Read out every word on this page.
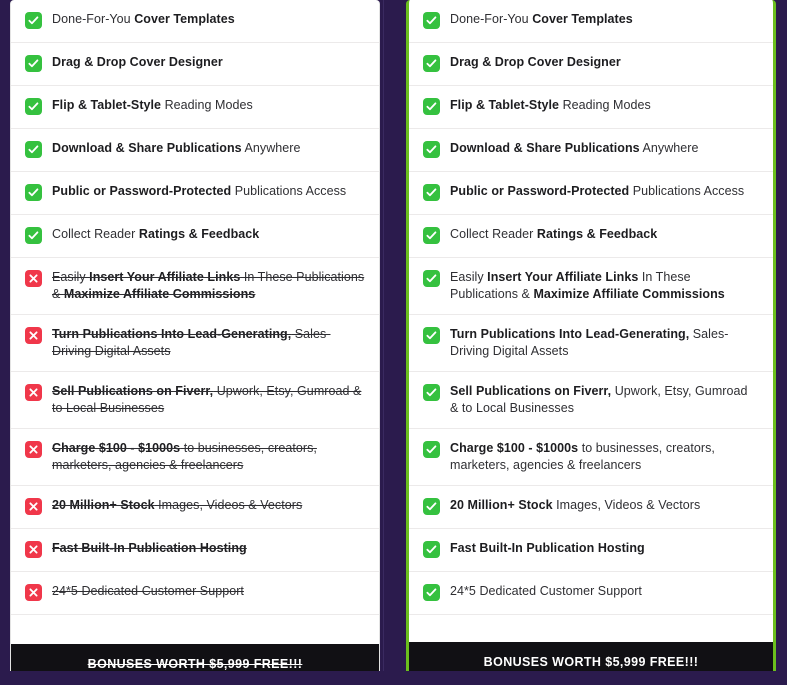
Done-For-You Cover Templates
Drag & Drop Cover Designer
Flip & Tablet-Style Reading Modes
Download & Share Publications Anywhere
Public or Password-Protected Publications Access
Collect Reader Ratings & Feedback
Easily Insert Your Affiliate Links In These Publications & Maximize Affiliate Commissions
Turn Publications Into Lead-Generating, Sales-Driving Digital Assets
Sell Publications on Fiverr, Upwork, Etsy, Gumroad & to Local Businesses
Charge $100 - $1000s to businesses, creators, marketers, agencies & freelancers
20 Million+ Stock Images, Videos & Vectors
Fast Built-In Publication Hosting
24*5 Dedicated Customer Support
BONUSES WORTH $5,999 FREE!!!
Done-For-You Cover Templates
Drag & Drop Cover Designer
Flip & Tablet-Style Reading Modes
Download & Share Publications Anywhere
Public or Password-Protected Publications Access
Collect Reader Ratings & Feedback
Easily Insert Your Affiliate Links In These Publications & Maximize Affiliate Commissions
Turn Publications Into Lead-Generating, Sales-Driving Digital Assets
Sell Publications on Fiverr, Upwork, Etsy, Gumroad & to Local Businesses
Charge $100 - $1000s to businesses, creators, marketers, agencies & freelancers
20 Million+ Stock Images, Videos & Vectors
Fast Built-In Publication Hosting
24*5 Dedicated Customer Support
BONUSES WORTH $5,999 FREE!!!
